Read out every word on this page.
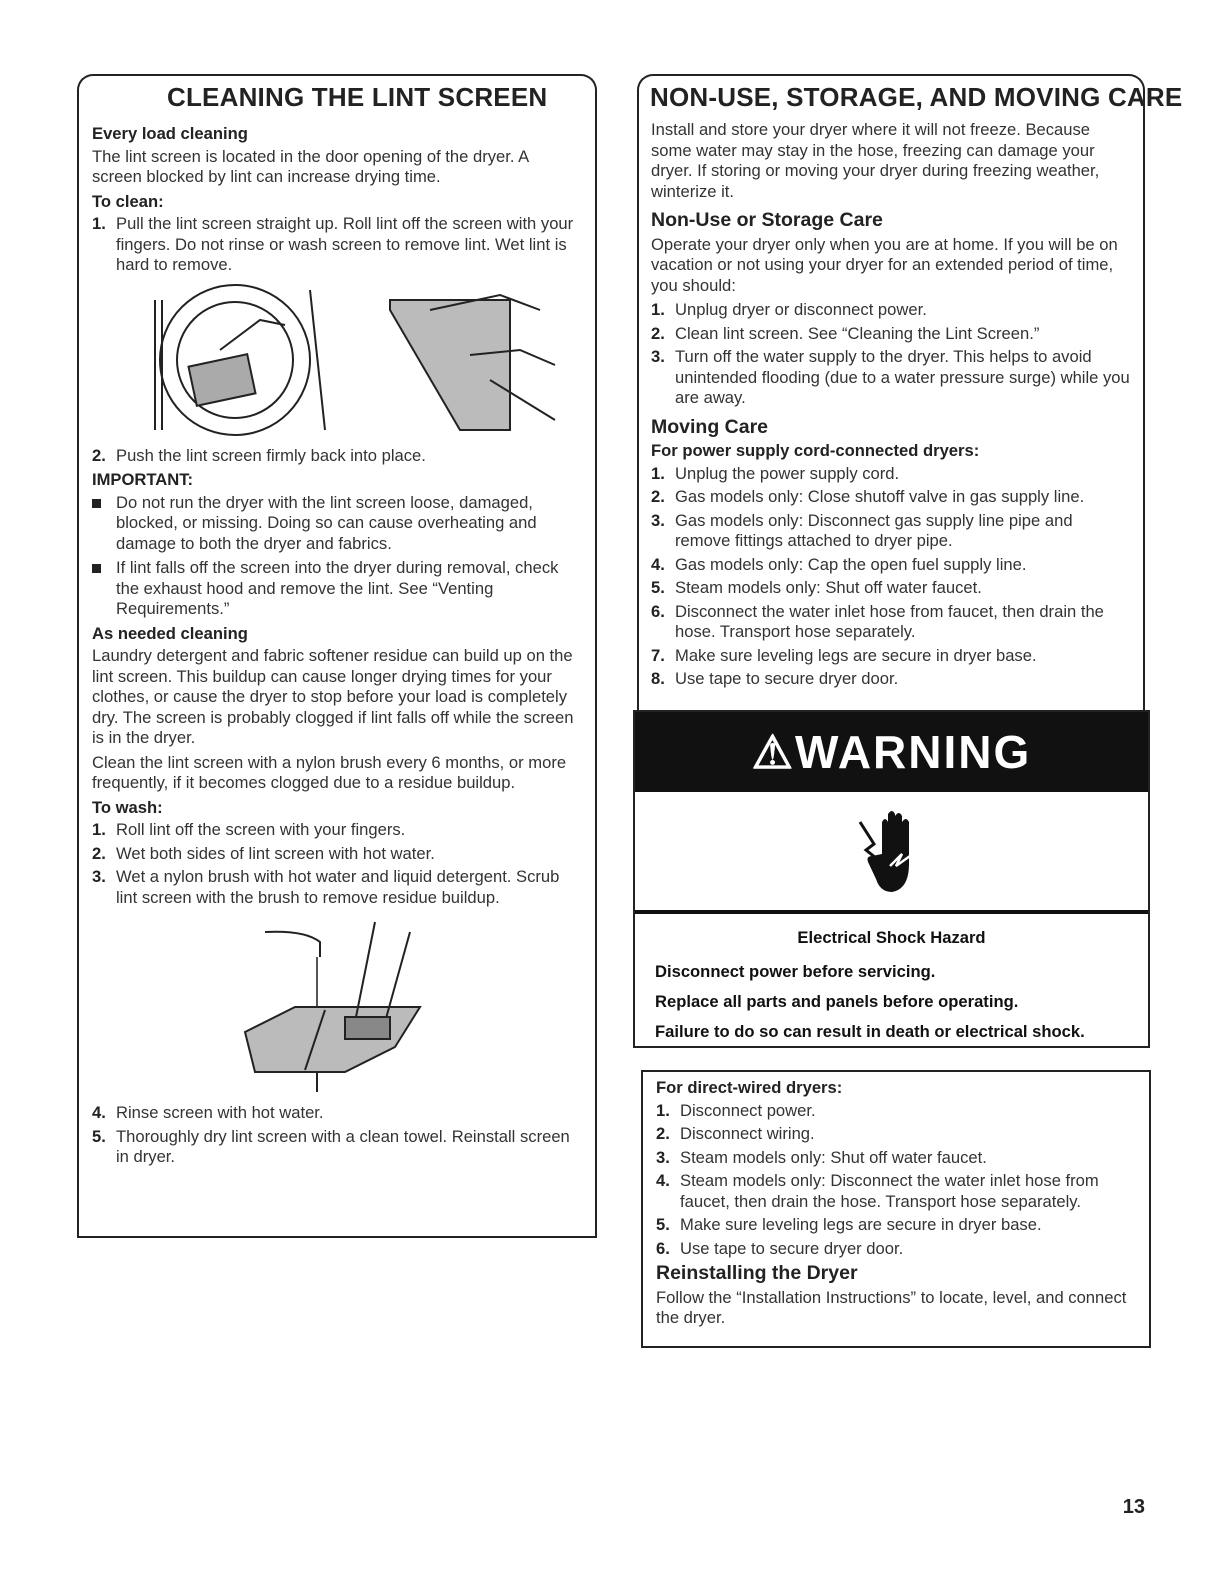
CLEANING THE LINT SCREEN
Every load cleaning

The lint screen is located in the door opening of the dryer. A screen blocked by lint can increase drying time.

To clean:
1. Pull the lint screen straight up. Roll lint off the screen with your fingers. Do not rinse or wash screen to remove lint. Wet lint is hard to remove.
2. Push the lint screen firmly back into place.
IMPORTANT:
Do not run the dryer with the lint screen loose, damaged, blocked, or missing. Doing so can cause overheating and damage to both the dryer and fabrics.
If lint falls off the screen into the dryer during removal, check the exhaust hood and remove the lint. See “Venting Requirements.”
As needed cleaning

Laundry detergent and fabric softener residue can build up on the lint screen. This buildup can cause longer drying times for your clothes, or cause the dryer to stop before your load is completely dry. The screen is probably clogged if lint falls off while the screen is in the dryer.

Clean the lint screen with a nylon brush every 6 months, or more frequently, if it becomes clogged due to a residue buildup.

To wash:
1. Roll lint off the screen with your fingers.
2. Wet both sides of lint screen with hot water.
3. Wet a nylon brush with hot water and liquid detergent. Scrub lint screen with the brush to remove residue buildup.
4. Rinse screen with hot water.
5. Thoroughly dry lint screen with a clean towel. Reinstall screen in dryer.
NON-USE, STORAGE, AND MOVING CARE

Install and store your dryer where it will not freeze. Because some water may stay in the hose, freezing can damage your dryer. If storing or moving your dryer during freezing weather, winterize it.

Non-Use or Storage Care

Operate your dryer only when you are at home. If you will be on vacation or not using your dryer for an extended period of time, you should:

1. Unplug dryer or disconnect power.
2. Clean lint screen. See “Cleaning the Lint Screen.”
3. Turn off the water supply to the dryer. This helps to avoid unintended flooding (due to a water pressure surge) while you are away.
Moving Care
For power supply cord-connected dryers:
1. Unplug the power supply cord.
2. Gas models only: Close shutoff valve in gas supply line.
3. Gas models only: Disconnect gas supply line pipe and remove fittings attached to dryer pipe.
4. Gas models only: Cap the open fuel supply line.
5. Steam models only: Shut off water faucet.
6. Disconnect the water inlet hose from faucet, then drain the hose. Transport hose separately.
7. Make sure leveling legs are secure in dryer base.
8. Use tape to secure dryer door.
⚠WARNING
Electrical Shock Hazard
Disconnect power before servicing.
Replace all parts and panels before operating.
Failure to do so can result in death or electrical shock.
For direct-wired dryers:
1. Disconnect power.
2. Disconnect wiring.
3. Steam models only: Shut off water faucet.
4. Steam models only: Disconnect the water inlet hose from faucet, then drain the hose. Transport hose separately.
5. Make sure leveling legs are secure in dryer base.
6. Use tape to secure dryer door.
Reinstalling the Dryer

Follow the “Installation Instructions” to locate, level, and connect the dryer.

13
